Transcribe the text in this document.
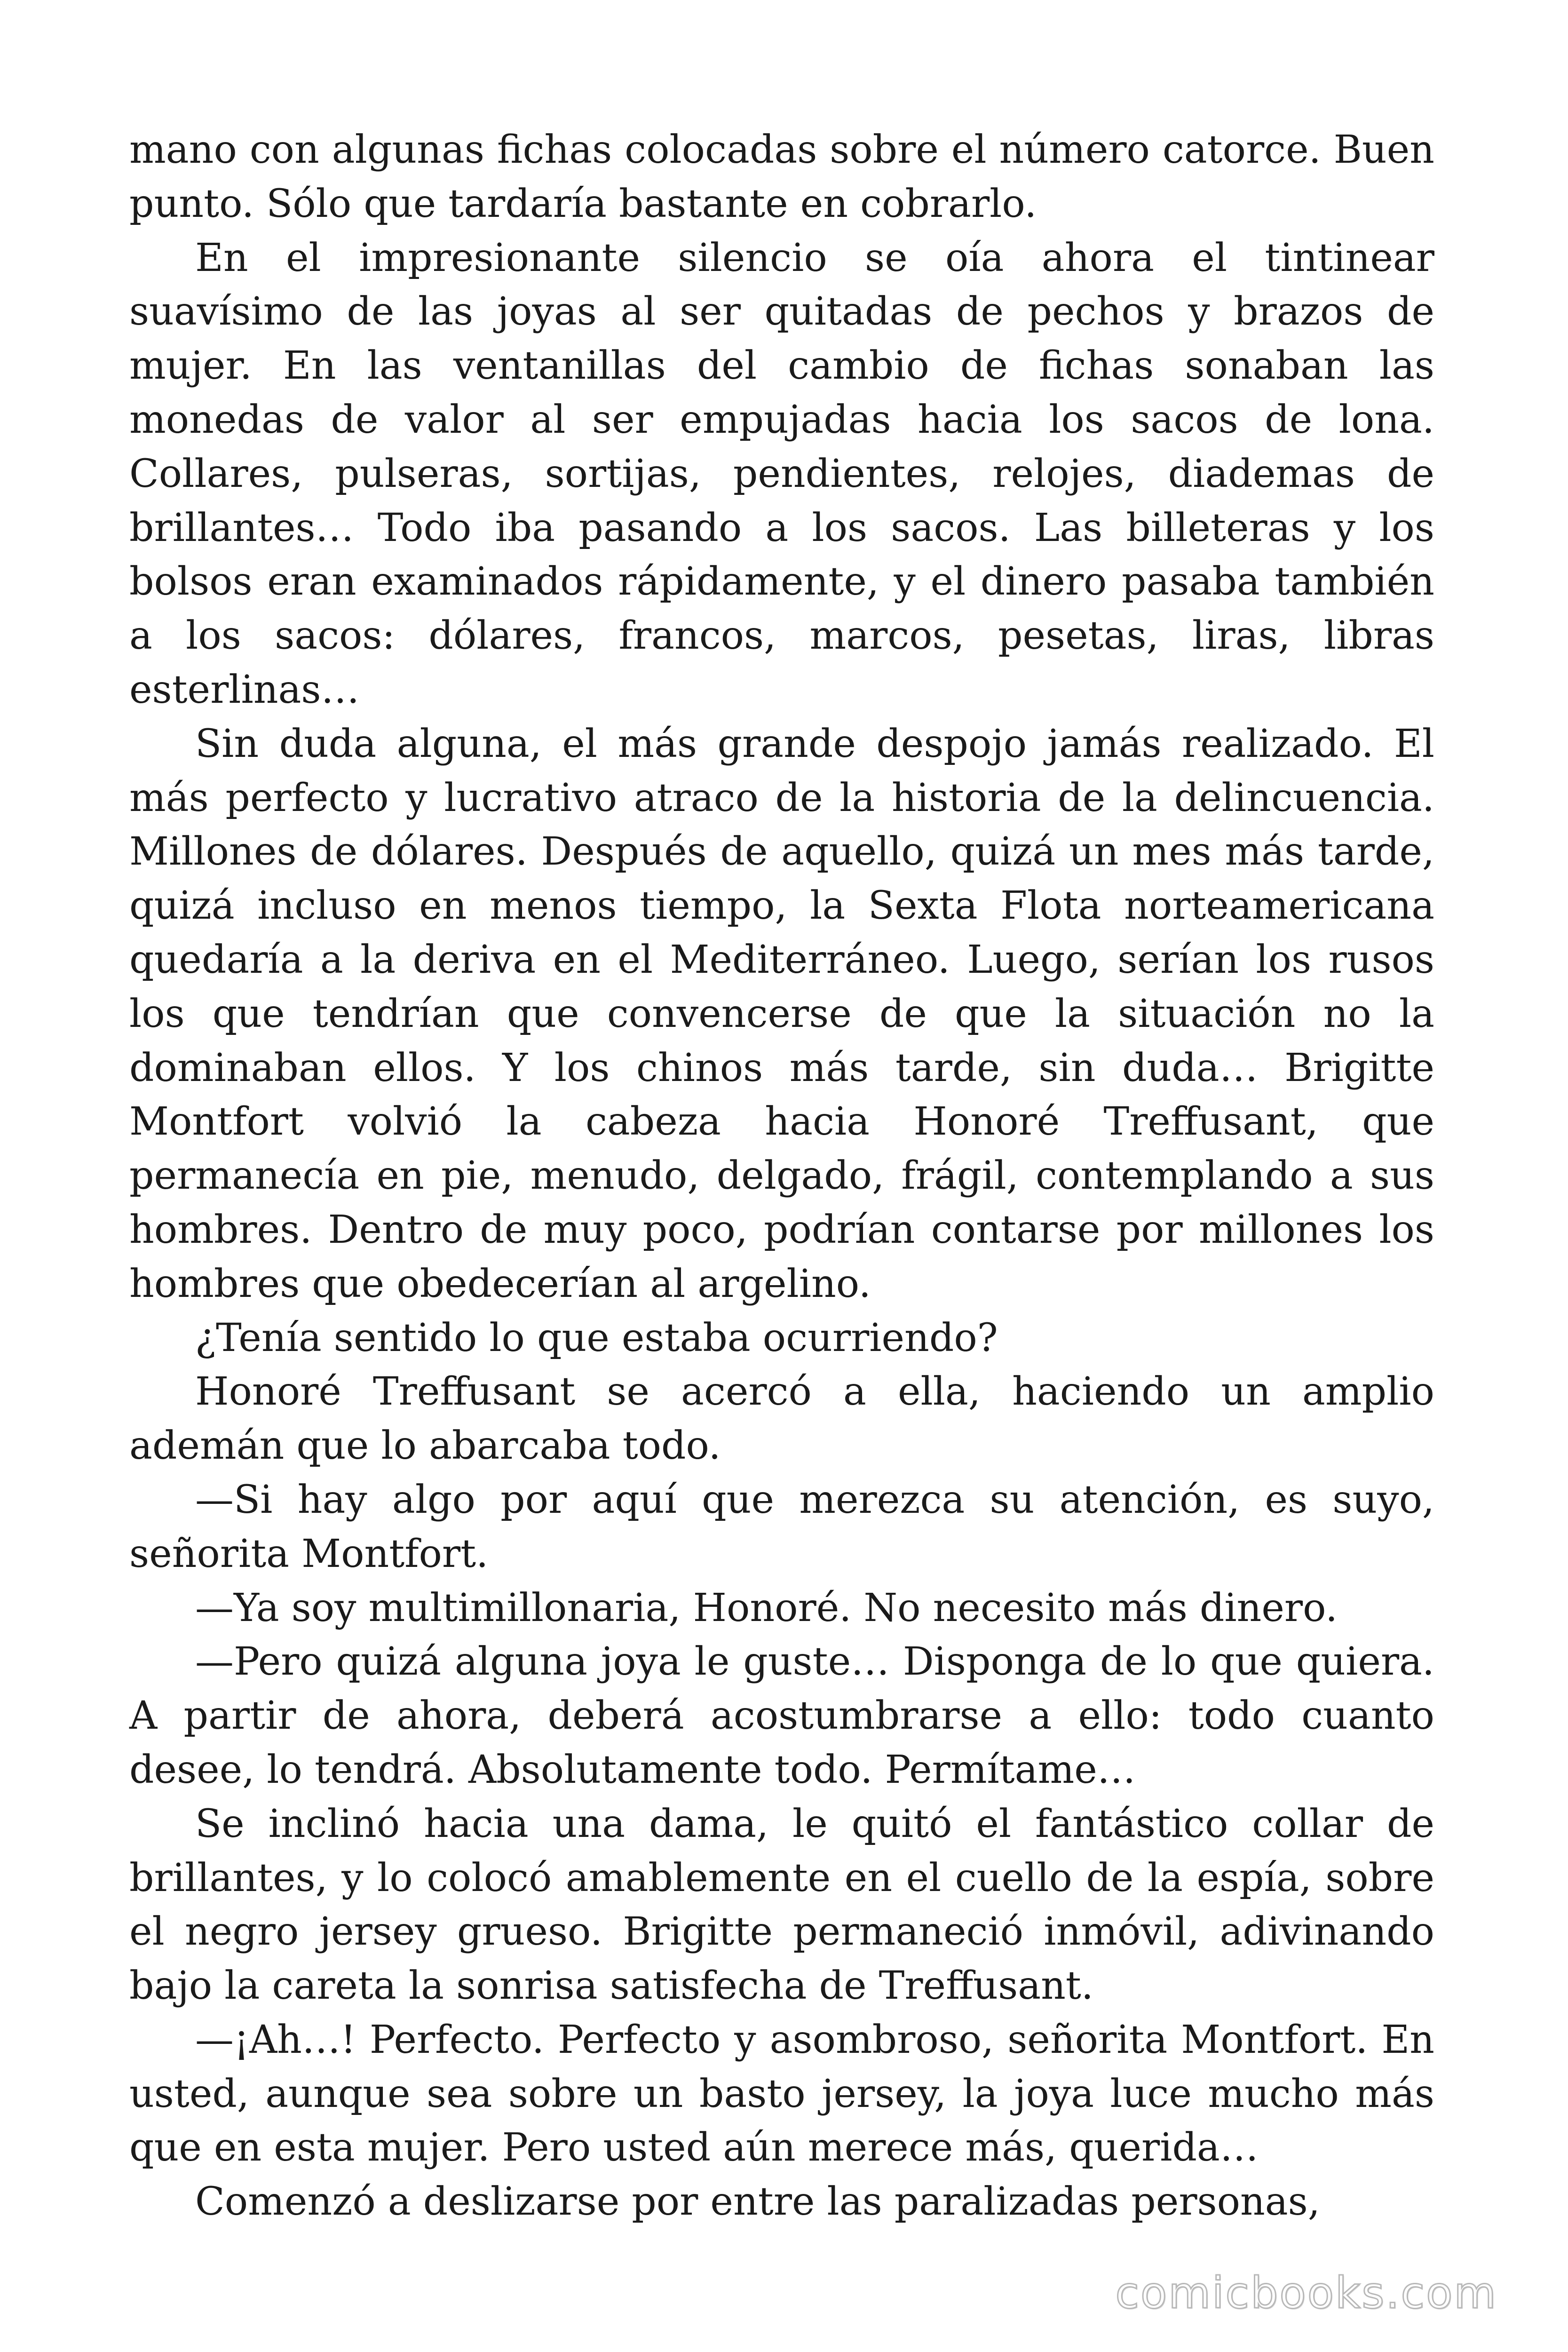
mano con algunas fichas colocadas sobre el número catorce. Buen punto. Sólo que tardaría bastante en cobrarlo.

En el impresionante silencio se oía ahora el tintinear suavísimo de las joyas al ser quitadas de pechos y brazos de mujer. En las ventanillas del cambio de fichas sonaban las monedas de valor al ser empujadas hacia los sacos de lona. Collares, pulseras, sortijas, pendientes, relojes, diademas de brillantes… Todo iba pasando a los sacos. Las billeteras y los bolsos eran examinados rápidamente, y el dinero pasaba también a los sacos: dólares, francos, marcos, pesetas, liras, libras esterlinas…

Sin duda alguna, el más grande despojo jamás realizado. El más perfecto y lucrativo atraco de la historia de la delincuencia. Millones de dólares. Después de aquello, quizá un mes más tarde, quizá incluso en menos tiempo, la Sexta Flota norteamericana quedaría a la deriva en el Mediterráneo. Luego, serían los rusos los que tendrían que convencerse de que la situación no la dominaban ellos. Y los chinos más tarde, sin duda… Brigitte Montfort volvió la cabeza hacia Honoré Treffusant, que permanecía en pie, menudo, delgado, frágil, contemplando a sus hombres. Dentro de muy poco, podrían contarse por millones los hombres que obedecerían al argelino.

¿Tenía sentido lo que estaba ocurriendo?

Honoré Treffusant se acercó a ella, haciendo un amplio ademán que lo abarcaba todo.

—Si hay algo por aquí que merezca su atención, es suyo, señorita Montfort.

—Ya soy multimillonaria, Honoré. No necesito más dinero.

—Pero quizá alguna joya le guste… Disponga de lo que quiera. A partir de ahora, deberá acostumbrarse a ello: todo cuanto desee, lo tendrá. Absolutamente todo. Permítame…

Se inclinó hacia una dama, le quitó el fantástico collar de brillantes, y lo colocó amablemente en el cuello de la espía, sobre el negro jersey grueso. Brigitte permaneció inmóvil, adivinando bajo la careta la sonrisa satisfecha de Treffusant.

—¡Ah…! Perfecto. Perfecto y asombroso, señorita Montfort. En usted, aunque sea sobre un basto jersey, la joya luce mucho más que en esta mujer. Pero usted aún merece más, querida…

Comenzó a deslizarse por entre las paralizadas personas,

comicbooks.com
